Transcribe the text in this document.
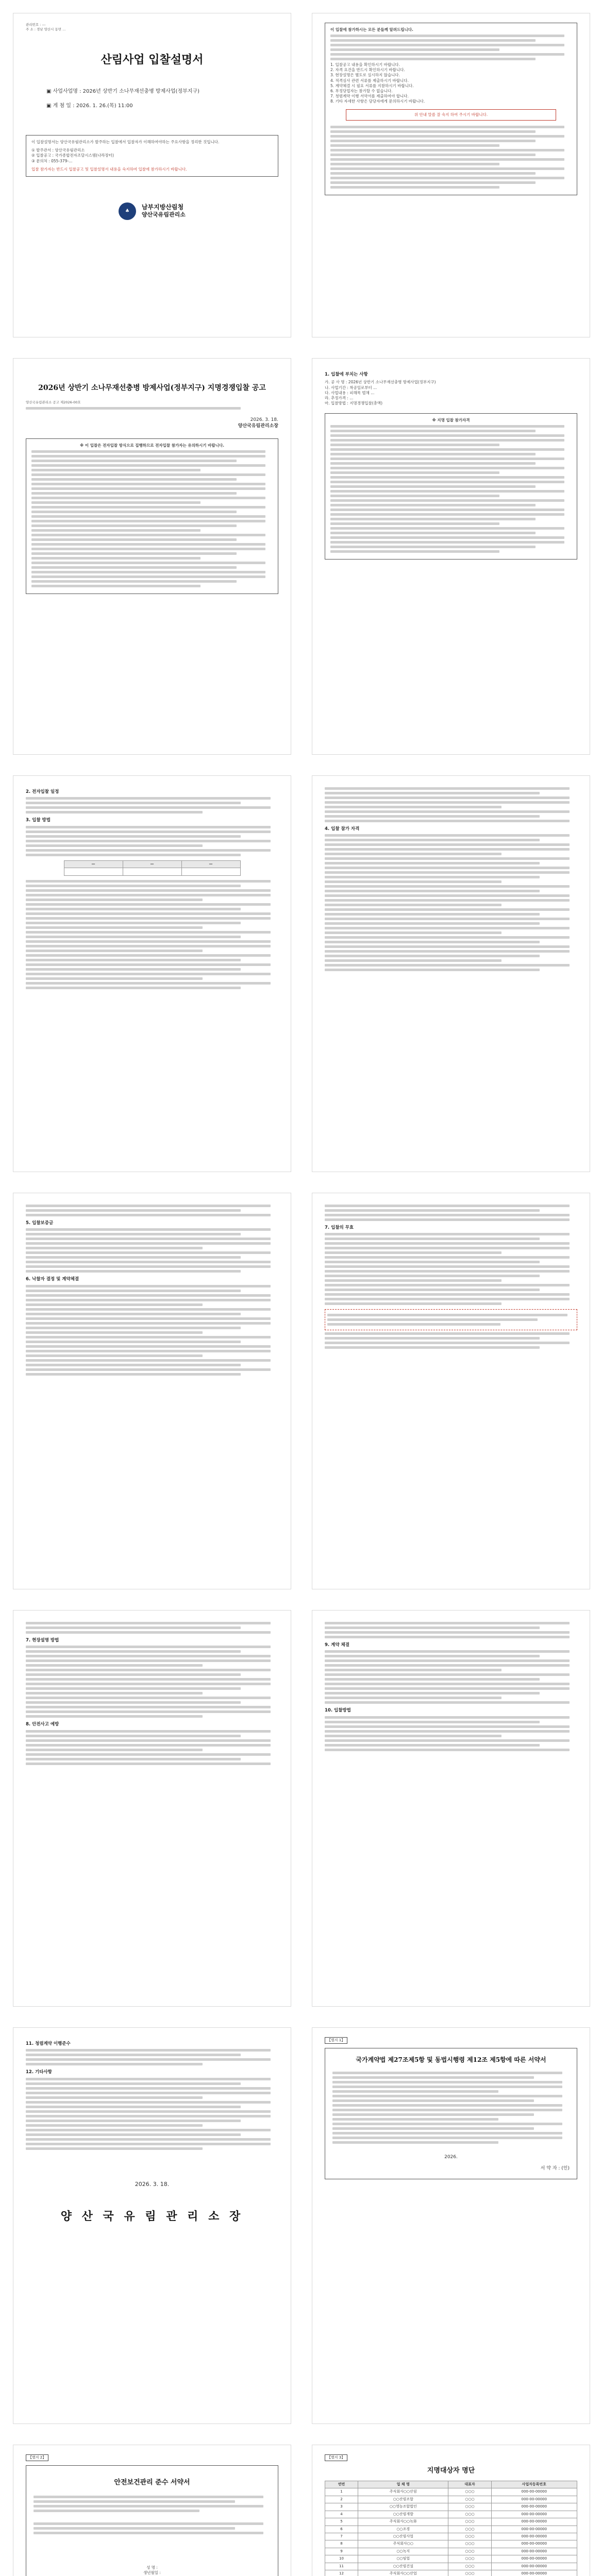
관리번호 : ---
주 소 : 경남 양산시 동면 ...
산림사업 입찰설명서
▣ 사업사업명 : 2026년 상반기 소나무재선충병 방제사업(정부지구)
▣ 게 첨 일 : 2026. 1. 26.(목) 11:00
이 입찰설명서는 양산국유림관리소가 발주하는 입찰에서 입찰자가 이해하여야하는 주요사항을 정리한 것입니다.
① 발주관서 : 양산국유림관리소
② 입찰공고 : 국가종합전자조달시스템(나라장터)
③ 문의처 : 055-379-...
입찰 참가자는 반드시 입찰공고 및 입찰설명서 내용을 숙지하여 입찰에 참가하시기 바랍니다.
♣
남부지방산림청
양산국유림관리소
이 입찰에 참가하시는 모든 분들께 알려드립니다.
1. 입찰공고 내용을 확인하시기 바랍니다.
2. 자격 요건을 반드시 확인하시기 바랍니다.
3. 현장설명은 별도로 실시하지 않습니다.
4. 적격심사 관련 서류를 제출하시기 바랍니다.
5. 계약체결 시 필요 서류를 지참하시기 바랍니다.
6. 부정당업자는 참가할 수 없습니다.
7. 청렴계약 이행 서약서를 제출하여야 합니다.
8. 기타 자세한 사항은 담당자에게 문의하시기 바랍니다.
위 안내 말씀 잘 숙지 하여 주시기 바랍니다.
2026년 상반기 소나무재선충병 방제사업(정부지구) 지명경쟁입찰 공고
양산국유림관리소 공고 제2026-00호
2026. 3. 18.
양산국유림관리소장
※ 이 입찰은 전자입찰 방식으로 집행하므로 전자입찰 참가자는 유의하시기 바랍니다.
1. 입찰에 부치는 사항
가. 공 사 명 : 2026년 상반기 소나무재선충병 방제사업(정부지구)
나. 사업기간 : 착공일로부터 ...
다. 사업내용 : 피해목 벌채 ...
라. 추정가격 : ...
마. 입찰방법 : 지명경쟁입찰(총액)
※ 지명 입찰 참가자격
2. 전자입찰 일정
3. 입찰 방법
—	—	—

4. 입찰 참가 자격
5. 입찰보증금
6. 낙찰자 결정 및 계약체결
7. 입찰의 무효
7. 현장설명 방법
8. 안전사고 예방
9. 계약 체결
10. 입찰방법
11. 청렴계약 이행준수
12. 기타사항
2026. 3. 18.
양 산 국 유 림 관 리 소 장
【별지 1】
국가계약법 제27조제5항 및 동법시행령 제12조 제5항에 따른 서약서
2026.
서 약 자 : (인)
【별지 2】
안전보건관리 준수 서약서
성 명 :
생년월일 :
【별지 3】
지명대상자 명단
연번	업 체 명	대표자	사업자등록번호
1	주식회사○○산림	○○○	000-00-00000
2	○○산림조합	○○○	000-00-00000
3	○○영농조합법인	○○○	000-00-00000
4	○○산림개발	○○○	000-00-00000
5	주식회사○○녹화	○○○	000-00-00000
6	○○조경	○○○	000-00-00000
7	○○산림사업	○○○	000-00-00000
8	주식회사○○	○○○	000-00-00000
9	○○녹지	○○○	000-00-00000
10	○○임업	○○○	000-00-00000
11	○○산림건설	○○○	000-00-00000
12	주식회사○○산업	○○○	000-00-00000
